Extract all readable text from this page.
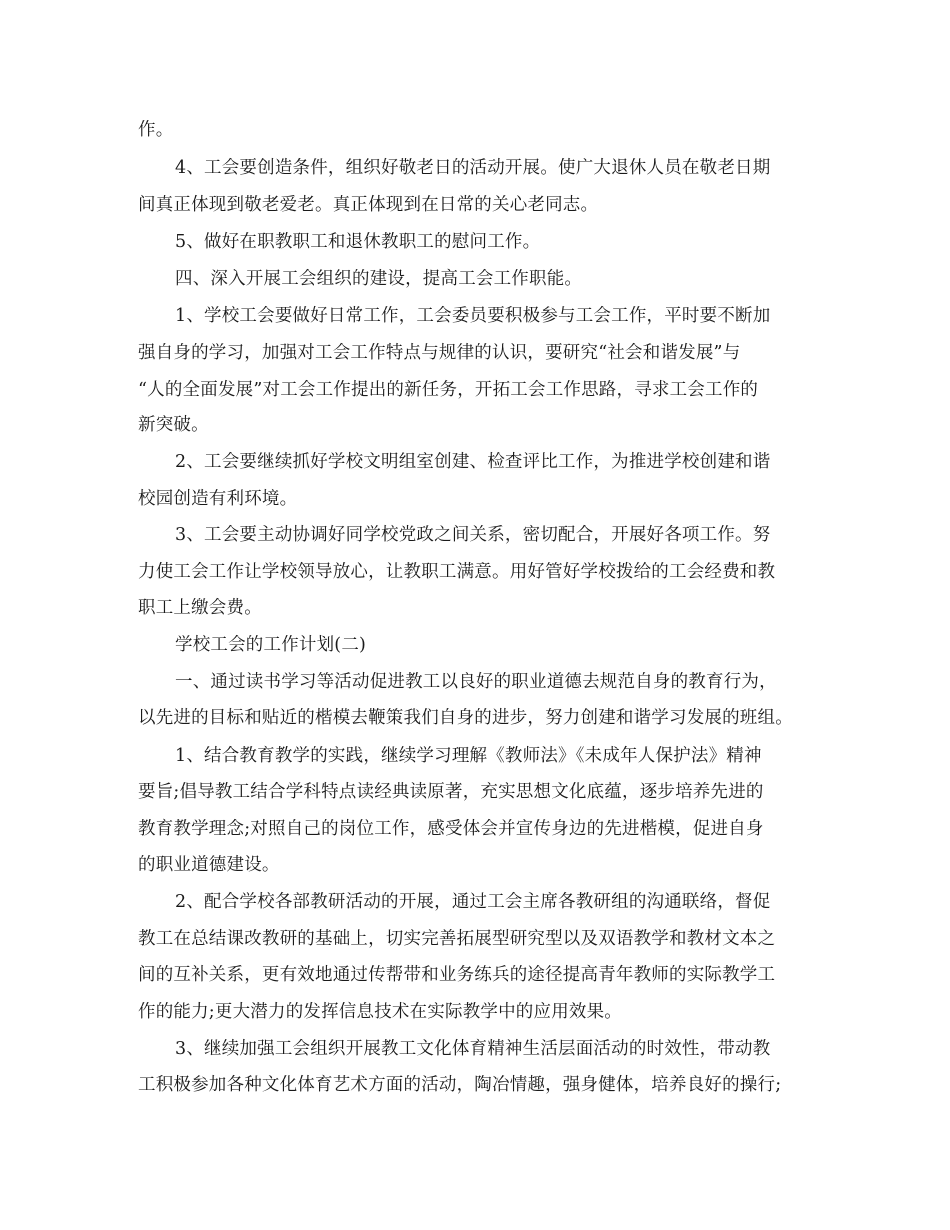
作。
4、工会要创造条件，组织好敬老日的活动开展。使广大退休人员在敬老日期
间真正体现到敬老爱老。真正体现到在日常的关心老同志。
5、做好在职教职工和退休教职工的慰问工作。
四、深入开展工会组织的建设，提高工会工作职能。
1、学校工会要做好日常工作，工会委员要积极参与工会工作，平时要不断加
强自身的学习，加强对工会工作特点与规律的认识，要研究“社会和谐发展”与
“人的全面发展”对工会工作提出的新任务，开拓工会工作思路，寻求工会工作的
新突破。
2、工会要继续抓好学校文明组室创建、检查评比工作，为推进学校创建和谐
校园创造有利环境。
3、工会要主动协调好同学校党政之间关系，密切配合，开展好各项工作。努
力使工会工作让学校领导放心，让教职工满意。用好管好学校拨给的工会经费和教
职工上缴会费。
学校工会的工作计划(二)
一、通过读书学习等活动促进教工以良好的职业道德去规范自身的教育行为，
以先进的目标和贴近的楷模去鞭策我们自身的进步，努力创建和谐学习发展的班组。
1、结合教育教学的实践，继续学习理解《教师法》《未成年人保护法》精神
要旨;倡导教工结合学科特点读经典读原著，充实思想文化底蕴，逐步培养先进的
教育教学理念;对照自己的岗位工作，感受体会并宣传身边的先进楷模，促进自身
的职业道德建设。
2、配合学校各部教研活动的开展，通过工会主席各教研组的沟通联络，督促
教工在总结课改教研的基础上，切实完善拓展型研究型以及双语教学和教材文本之
间的互补关系，更有效地通过传帮带和业务练兵的途径提高青年教师的实际教学工
作的能力;更大潜力的发挥信息技术在实际教学中的应用效果。
3、继续加强工会组织开展教工文化体育精神生活层面活动的时效性，带动教
工积极参加各种文化体育艺术方面的活动，陶冶情趣，强身健体，培养良好的操行;
